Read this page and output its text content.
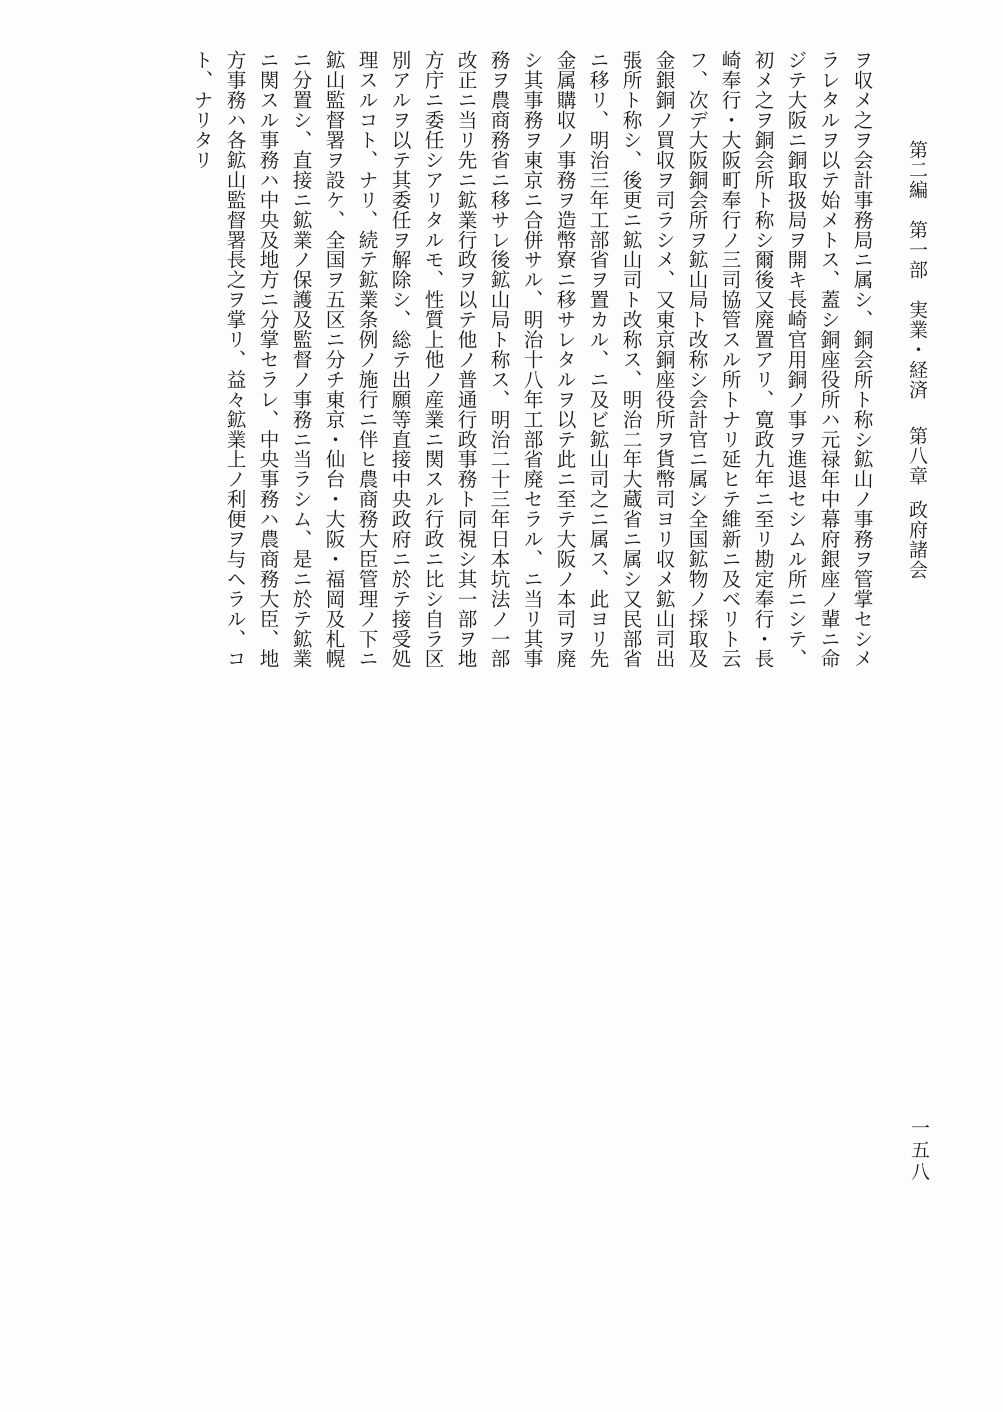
第二編　第一部　実業・経済
第八章
政府諸会
一五八
ヲ収メ之ヲ会計事務局ニ属シ、銅会所ト称シ鉱山ノ事務ヲ管掌セシメ
ラレタルヲ以テ始メトス、蓋シ銅座役所ハ元禄年中幕府銀座ノ輩ニ命
ジテ大阪ニ銅取扱局ヲ開キ長崎官用銅ノ事ヲ進退セシムル所ニシテ、
初メ之ヲ銅会所ト称シ爾後又廃置アリ、寛政九年ニ至リ勘定奉行・長
崎奉行・大阪町奉行ノ三司協管スル所トナリ延ヒテ維新ニ及ベリト云
フ、次デ大阪銅会所ヲ鉱山局ト改称シ会計官ニ属シ全国鉱物ノ採取及
金銀銅ノ買収ヲ司ラシメ、又東京銅座役所ヲ貨幣司ヨリ収メ鉱山司出
張所ト称シ、後更ニ鉱山司ト改称ス、明治二年大蔵省ニ属シ又民部省
ニ移リ、明治三年工部省ヲ置カル、ニ及ビ鉱山司之ニ属ス、此ヨリ先
金属購収ノ事務ヲ造幣寮ニ移サレタルヲ以テ此ニ至テ大阪ノ本司ヲ廃
シ其事務ヲ東京ニ合併サル、明治十八年工部省廃セラル、ニ当リ其事
務ヲ農商務省ニ移サレ後鉱山局ト称ス、明治二十三年日本坑法ノ一部
改正ニ当リ先ニ鉱業行政ヲ以テ他ノ普通行政事務ト同視シ其一部ヲ地
方庁ニ委任シアリタルモ、性質上他ノ産業ニ関スル行政ニ比シ自ラ区
別アルヲ以テ其委任ヲ解除シ、総テ出願等直接中央政府ニ於テ接受処
理スルコト、ナリ、続テ鉱業条例ノ施行ニ伴ヒ農商務大臣管理ノ下ニ
鉱山監督署ヲ設ケ、全国ヲ五区ニ分チ東京・仙台・大阪・福岡及札幌
ニ分置シ、直接ニ鉱業ノ保護及監督ノ事務ニ当ラシム、是ニ於テ鉱業
ニ関スル事務ハ中央及地方ニ分掌セラレ、中央事務ハ農商務大臣、地
方事務ハ各鉱山監督署長之ヲ掌リ、益々鉱業上ノ利便ヲ与ヘラル、コ
ト、ナリタリ
